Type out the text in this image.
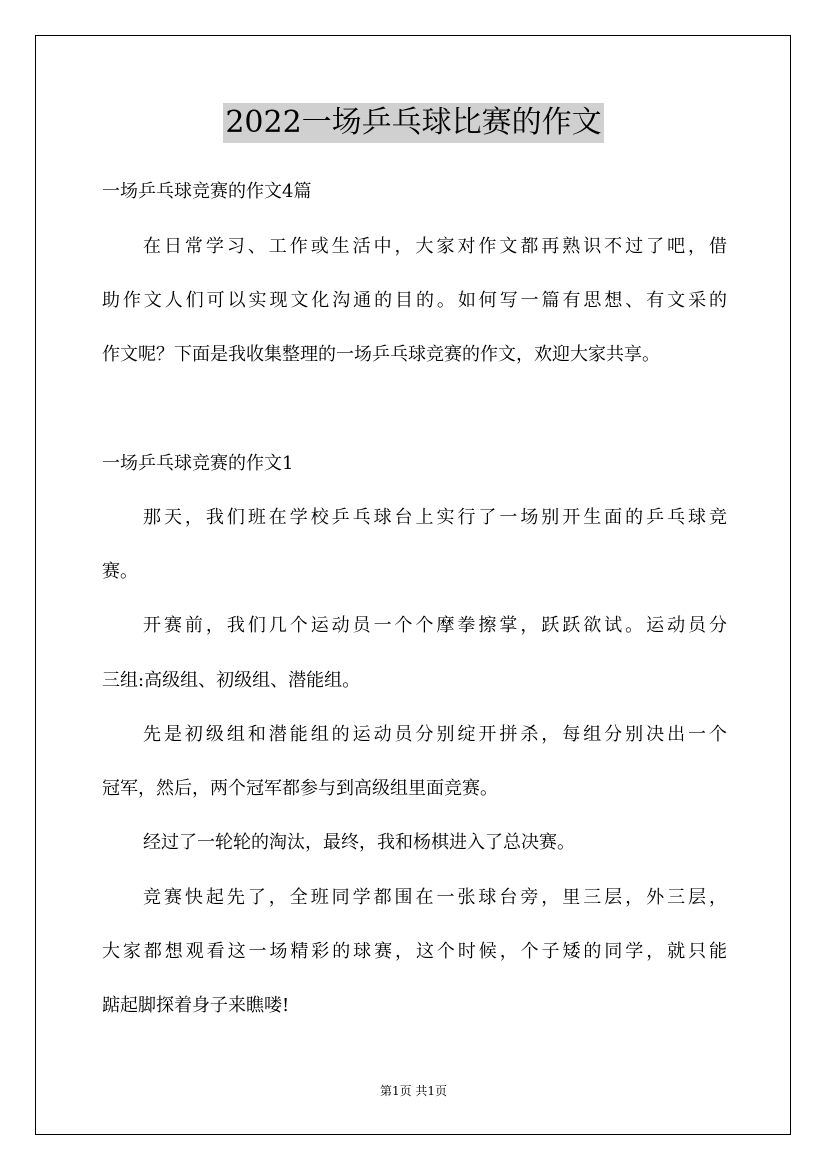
2022一场乒乓球比赛的作文
一场乒乓球竞赛的作文4篇
在日常学习、工作或生活中，大家对作文都再熟识不过了吧，借
助作文人们可以实现文化沟通的目的。如何写一篇有思想、有文采的
作文呢？下面是我收集整理的一场乒乓球竞赛的作文，欢迎大家共享。
一场乒乓球竞赛的作文1
那天，我们班在学校乒乓球台上实行了一场别开生面的乒乓球竞
赛。
开赛前，我们几个运动员一个个摩拳擦掌，跃跃欲试。运动员分
三组:高级组、初级组、潜能组。
先是初级组和潜能组的运动员分别绽开拼杀，每组分别决出一个
冠军，然后，两个冠军都参与到高级组里面竞赛。
经过了一轮轮的淘汰，最终，我和杨棋进入了总决赛。
竞赛快起先了，全班同学都围在一张球台旁，里三层，外三层，
大家都想观看这一场精彩的球赛，这个时候，个子矮的同学，就只能
踮起脚探着身子来瞧喽!
第1页 共1页
